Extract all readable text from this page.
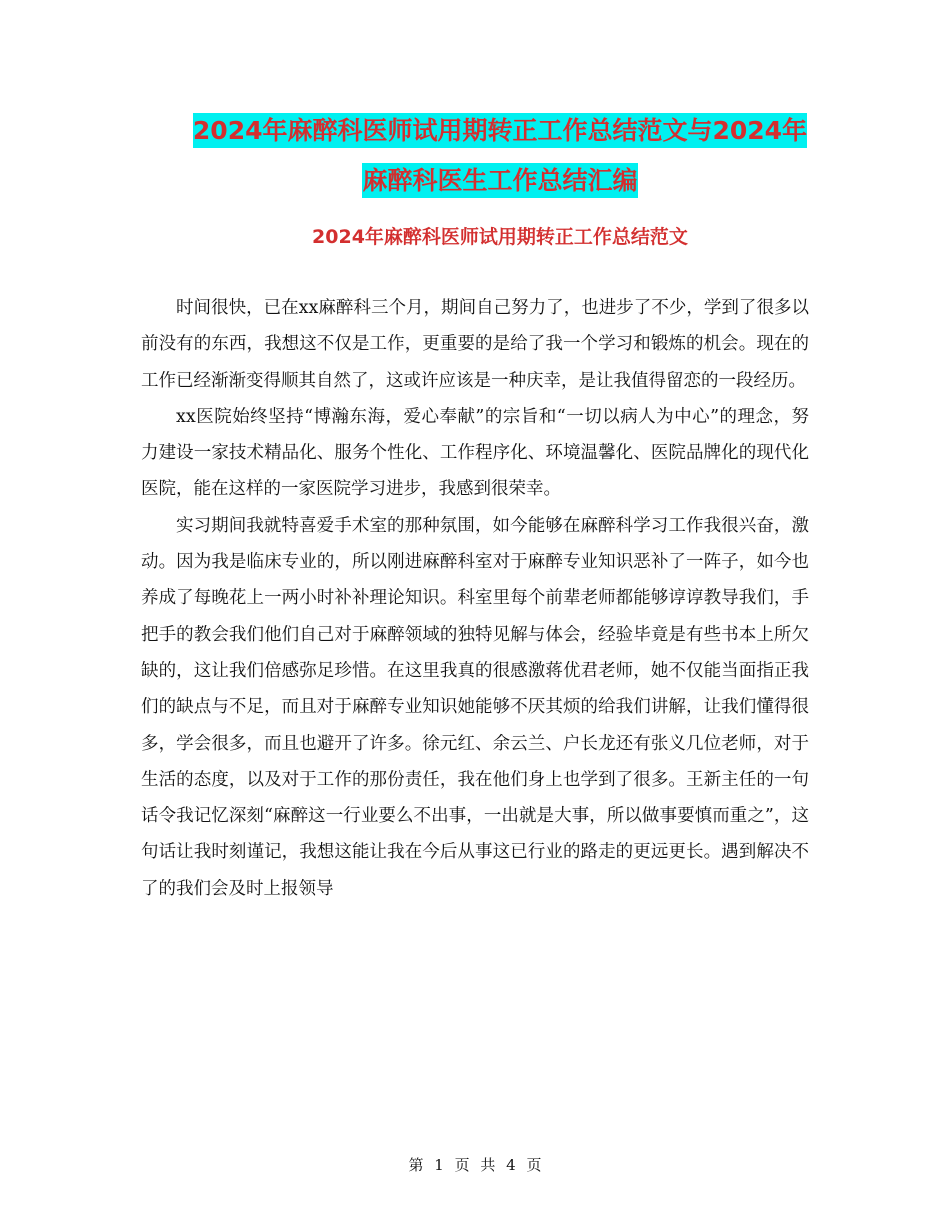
2024年麻醉科医师试用期转正工作总结范文与2024年
麻醉科医生工作总结汇编
2024年麻醉科医师试用期转正工作总结范文

时间很快，已在xx麻醉科三个月，期间自己努力了，也进步了不少，学到了很多以前没有的东西，我想这不仅是工作，更重要的是给了我一个学习和锻炼的机会。现在的工作已经渐渐变得顺其自然了，这或许应该是一种庆幸，是让我值得留恋的一段经历。

xx医院始终坚持“博瀚东海，爱心奉献”的宗旨和“一切以病人为中心”的理念，努力建设一家技术精品化、服务个性化、工作程序化、环境温馨化、医院品牌化的现代化医院，能在这样的一家医院学习进步，我感到很荣幸。

实习期间我就特喜爱手术室的那种氛围，如今能够在麻醉科学习工作我很兴奋，激动。因为我是临床专业的，所以刚进麻醉科室对于麻醉专业知识恶补了一阵子，如今也养成了每晚花上一两小时补补理论知识。科室里每个前辈老师都能够谆谆教导我们，手把手的教会我们他们自己对于麻醉领域的独特见解与体会，经验毕竟是有些书本上所欠缺的，这让我们倍感弥足珍惜。在这里我真的很感激蒋优君老师，她不仅能当面指正我们的缺点与不足，而且对于麻醉专业知识她能够不厌其烦的给我们讲解，让我们懂得很多，学会很多，而且也避开了许多。徐元红、余云兰、户长龙还有张义几位老师，对于生活的态度，以及对于工作的那份责任，我在他们身上也学到了很多。王新主任的一句话令我记忆深刻“麻醉这一行业要么不出事，一出就是大事，所以做事要慎而重之”，这句话让我时刻谨记，我想这能让我在今后从事这已行业的路走的更远更长。遇到解决不了的我们会及时上报领导

第 1 页 共 4 页
